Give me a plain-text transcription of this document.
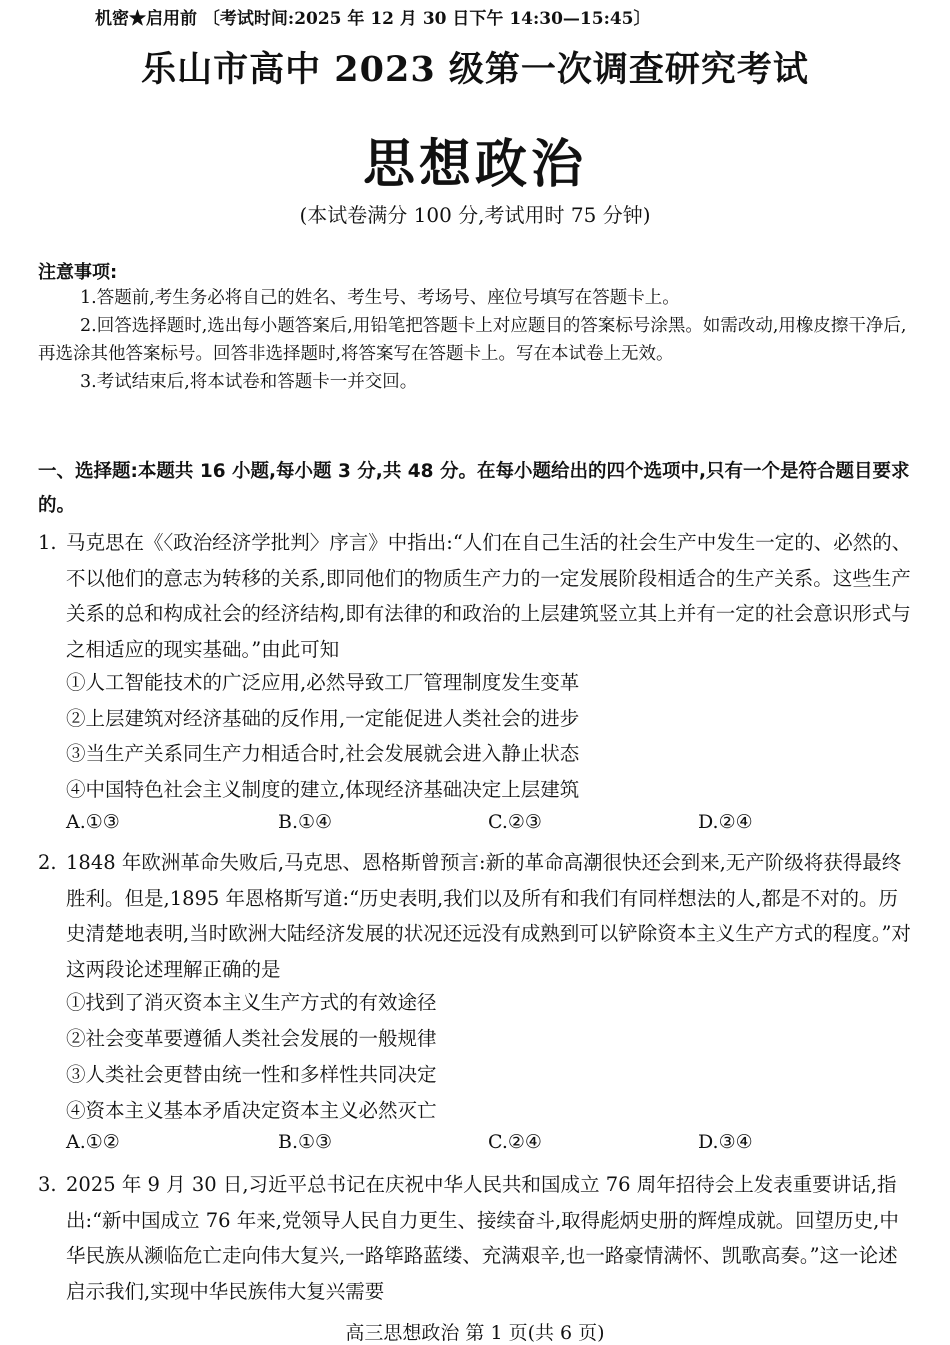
机密★启用前 〔考试时间:2025 年 12 月 30 日下午 14:30—15:45〕
乐山市高中 2023 级第一次调查研究考试
思想政治
(本试卷满分 100 分,考试用时 75 分钟)
注意事项:

1.答题前,考生务必将自己的姓名、考生号、考场号、座位号填写在答题卡上。

2.回答选择题时,选出每小题答案后,用铅笔把答题卡上对应题目的答案标号涂黑。如需改动,用橡皮擦干净后,再选涂其他答案标号。回答非选择题时,将答案写在答题卡上。写在本试卷上无效。

3.考试结束后,将本试卷和答题卡一并交回。

一、选择题:本题共 16 小题,每小题 3 分,共 48 分。在每小题给出的四个选项中,只有一个是符合题目要求的。
1. 马克思在《〈政治经济学批判〉序言》中指出:“人们在自己生活的社会生产中发生一定的、必然的、不以他们的意志为转移的关系,即同他们的物质生产力的一定发展阶段相适合的生产关系。这些生产关系的总和构成社会的经济结构,即有法律的和政治的上层建筑竖立其上并有一定的社会意识形式与之相适应的现实基础。”由此可知
①人工智能技术的广泛应用,必然导致工厂管理制度发生变革
②上层建筑对经济基础的反作用,一定能促进人类社会的进步
③当生产关系同生产力相适合时,社会发展就会进入静止状态
④中国特色社会主义制度的建立,体现经济基础决定上层建筑
A.①③	B.①④	C.②③	D.②④
2. 1848 年欧洲革命失败后,马克思、恩格斯曾预言:新的革命高潮很快还会到来,无产阶级将获得最终胜利。但是,1895 年恩格斯写道:“历史表明,我们以及所有和我们有同样想法的人,都是不对的。历史清楚地表明,当时欧洲大陆经济发展的状况还远没有成熟到可以铲除资本主义生产方式的程度。”对这两段论述理解正确的是
①找到了消灭资本主义生产方式的有效途径
②社会变革要遵循人类社会发展的一般规律
③人类社会更替由统一性和多样性共同决定
④资本主义基本矛盾决定资本主义必然灭亡
A.①②	B.①③	C.②④	D.③④
3. 2025 年 9 月 30 日,习近平总书记在庆祝中华人民共和国成立 76 周年招待会上发表重要讲话,指出:“新中国成立 76 年来,党领导人民自力更生、接续奋斗,取得彪炳史册的辉煌成就。回望历史,中华民族从濒临危亡走向伟大复兴,一路筚路蓝缕、充满艰辛,也一路豪情满怀、凯歌高奏。”这一论述启示我们,实现中华民族伟大复兴需要
高三思想政治 第 1 页(共 6 页)
